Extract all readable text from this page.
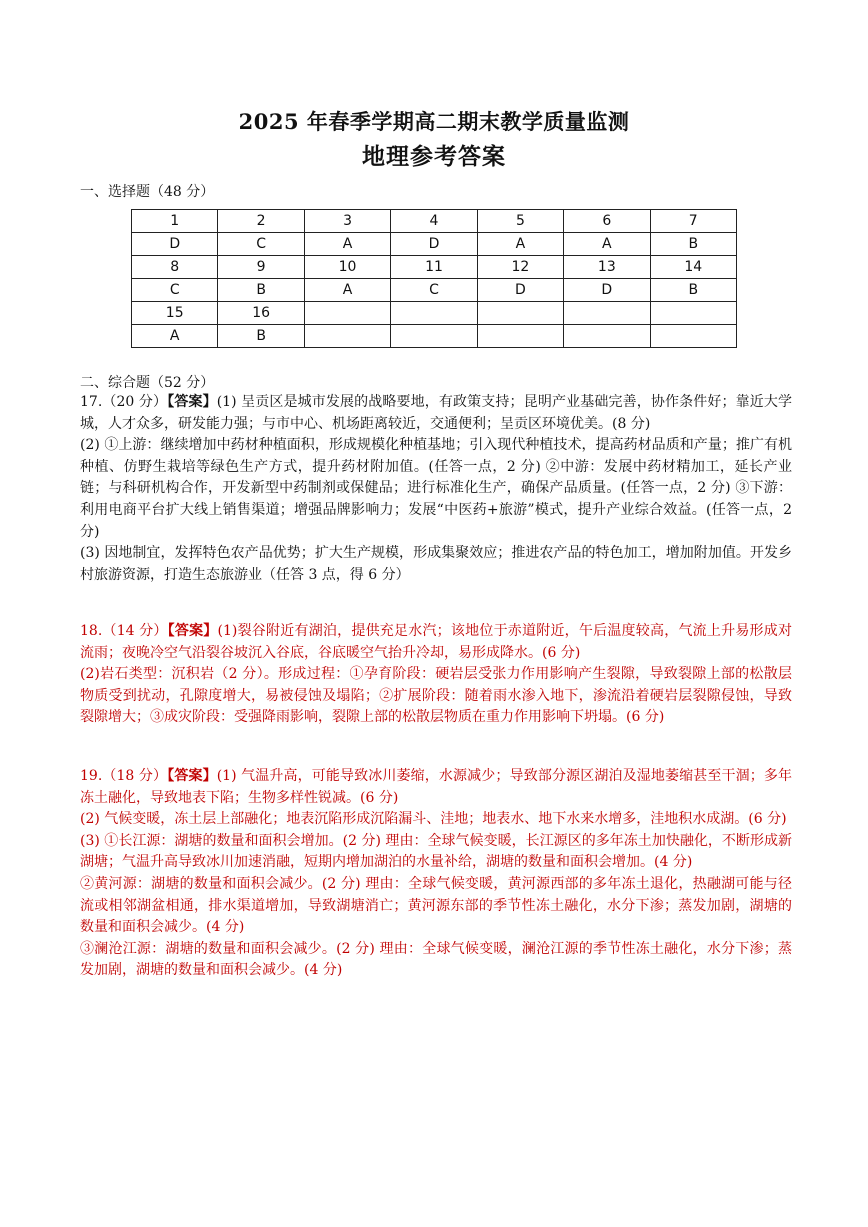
2025 年春季学期高二期末教学质量监测
地理参考答案
一、选择题（48 分）
1	2	3	4	5	6	7
D	C	A	D	A	A	B
8	9	10	11	12	13	14
C	B	A	C	D	D	B
15	16					
A	B					
二、综合题（52 分）

17.（20 分）【答案】(1) 呈贡区是城市发展的战略要地，有政策支持；昆明产业基础完善，协作条件好；靠近大学城，人才众多，研发能力强；与市中心、机场距离较近，交通便利；呈贡区环境优美。(8 分)

(2) ①上游：继续增加中药材种植面积，形成规模化种植基地；引入现代种植技术，提高药材品质和产量；推广有机种植、仿野生栽培等绿色生产方式，提升药材附加值。(任答一点，2 分) ②中游：发展中药材精加工，延长产业链；与科研机构合作，开发新型中药制剂或保健品；进行标准化生产，确保产品质量。(任答一点，2 分) ③下游：利用电商平台扩大线上销售渠道；增强品牌影响力；发展“中医药+旅游”模式，提升产业综合效益。(任答一点，2 分)

(3) 因地制宜，发挥特色农产品优势；扩大生产规模，形成集聚效应；推进农产品的特色加工，增加附加值。开发乡村旅游资源，打造生态旅游业（任答 3 点，得 6 分）

18.（14 分）【答案】(1)裂谷附近有湖泊，提供充足水汽；该地位于赤道附近，午后温度较高，气流上升易形成对流雨；夜晚冷空气沿裂谷坡沉入谷底，谷底暖空气抬升冷却，易形成降水。(6 分)

(2)岩石类型：沉积岩（2 分）。形成过程：①孕育阶段：硬岩层受张力作用影响产生裂隙，导致裂隙上部的松散层物质受到扰动，孔隙度增大，易被侵蚀及塌陷；②扩展阶段：随着雨水渗入地下，渗流沿着硬岩层裂隙侵蚀，导致裂隙增大；③成灾阶段：受强降雨影响，裂隙上部的松散层物质在重力作用影响下坍塌。(6 分)

19.（18 分）【答案】(1) 气温升高，可能导致冰川萎缩，水源减少；导致部分源区湖泊及湿地萎缩甚至干涸；多年冻土融化，导致地表下陷；生物多样性锐减。(6 分)

(2) 气候变暖，冻土层上部融化；地表沉陷形成沉陷漏斗、洼地；地表水、地下水来水增多，洼地积水成湖。(6 分)

(3) ①长江源：湖塘的数量和面积会增加。(2 分) 理由：全球气候变暖，长江源区的多年冻土加快融化，不断形成新湖塘；气温升高导致冰川加速消融，短期内增加湖泊的水量补给，湖塘的数量和面积会增加。(4 分)

②黄河源：湖塘的数量和面积会减少。(2 分) 理由：全球气候变暖，黄河源西部的多年冻土退化，热融湖可能与径流或相邻湖盆相通，排水渠道增加，导致湖塘消亡；黄河源东部的季节性冻土融化，水分下渗；蒸发加剧，湖塘的数量和面积会减少。(4 分)

③澜沧江源：湖塘的数量和面积会减少。(2 分) 理由：全球气候变暖，澜沧江源的季节性冻土融化，水分下渗；蒸发加剧，湖塘的数量和面积会减少。(4 分)
